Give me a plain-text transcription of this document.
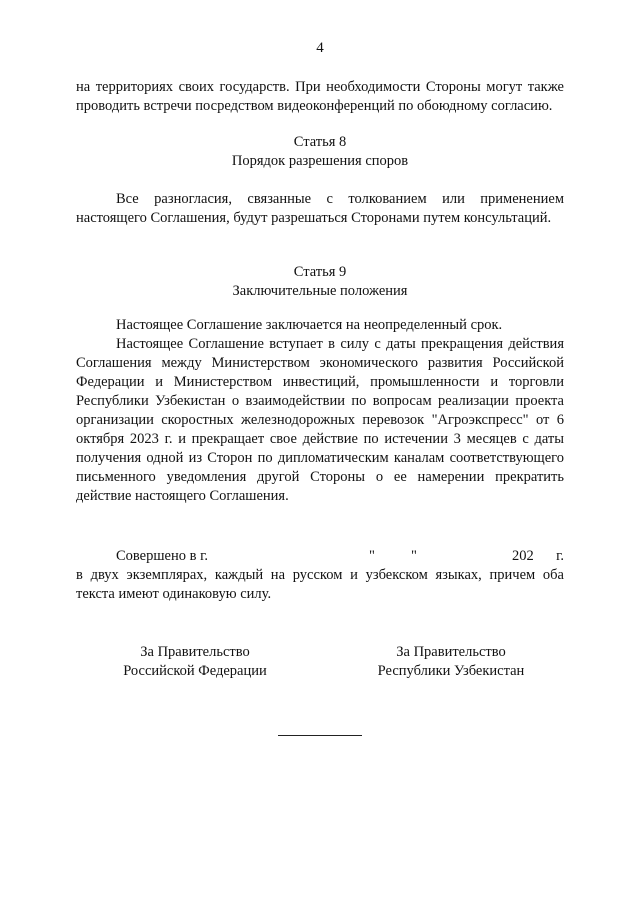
4

на территориях своих государств. При необходимости Стороны могут также проводить встречи посредством видеоконференций по обоюдному согласию.

Статья 8

Порядок разрешения споров

Все разногласия, связанные с толкованием или применением настоящего Соглашения, будут разрешаться Сторонами путем консультаций.

Статья 9

Заключительные положения

Настоящее Соглашение заключается на неопределенный срок.

Настоящее Соглашение вступает в силу с даты прекращения действия Соглашения между Министерством экономического развития Российской Федерации и Министерством инвестиций, промышленности и торговли Республики Узбекистан о взаимодействии по вопросам реализации проекта организации скоростных железнодорожных перевозок "Агроэкспресс" от 6 октября 2023 г. и прекращает свое действие по истечении 3 месяцев с даты получения одной из Сторон по дипломатическим каналам соответствующего письменного уведомления другой Стороны о ее намерении прекратить действие настоящего Соглашения.

Совершено в г.	" "	202 г.

в двух экземплярах, каждый на русском и узбекском языках, причем оба текста имеют одинаковую силу.

За Правительство
Российской Федерации
За Правительство
Республики Узбекистан
